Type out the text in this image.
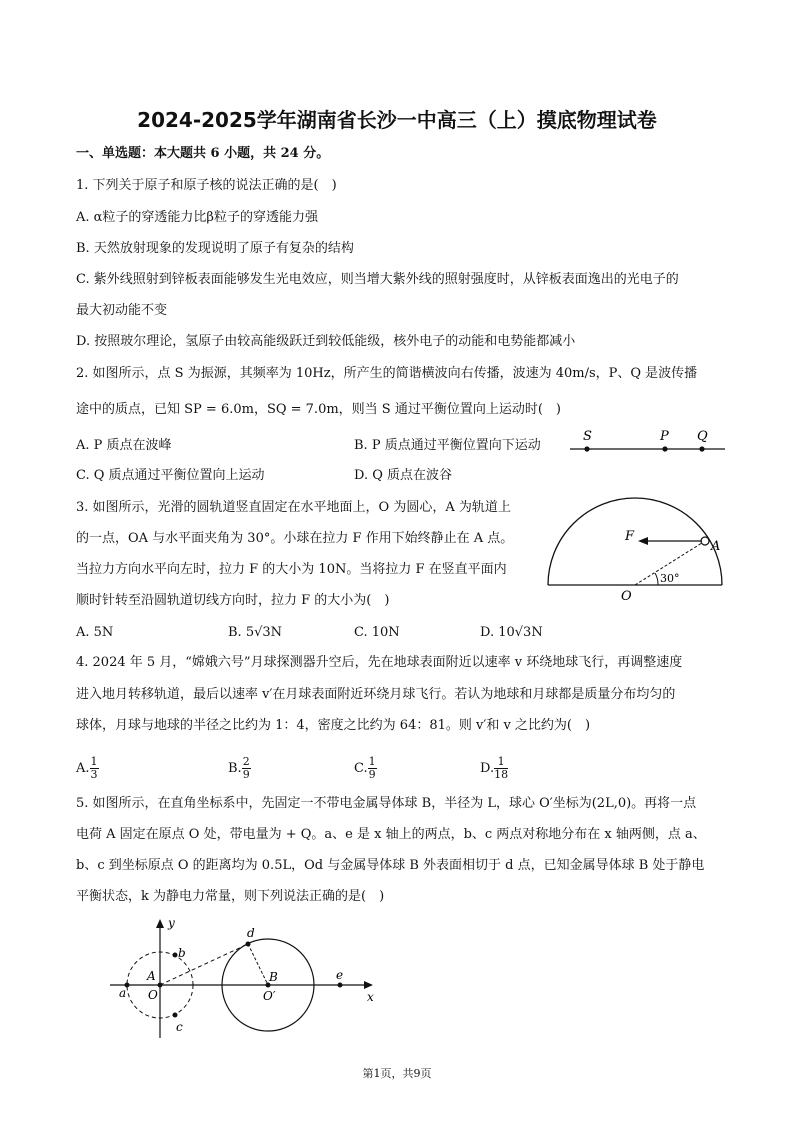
2024-2025学年湖南省长沙一中高三（上）摸底物理试卷
一、单选题：本大题共 6 小题，共 24 分。
1. 下列关于原子和原子核的说法正确的是(　)
A. α粒子的穿透能力比β粒子的穿透能力强
B. 天然放射现象的发现说明了原子有复杂的结构
C. 紫外线照射到锌板表面能够发生光电效应，则当增大紫外线的照射强度时，从锌板表面逸出的光电子的
最大初动能不变
D. 按照玻尔理论，氢原子由较高能级跃迁到较低能级，核外电子的动能和电势能都减小
2. 如图所示，点 S 为振源，其频率为 10Hz，所产生的简谐横波向右传播，波速为 40m/s，P、Q 是波传播
途中的质点，已知 SP = 6.0m，SQ = 7.0m，则当 S 通过平衡位置向上运动时(　)
A. P 质点在波峰	B. P 质点通过平衡位置向下运动
C. Q 质点通过平衡位置向上运动	D. Q 质点在波谷
S	P Q
3. 如图所示，光滑的圆轨道竖直固定在水平地面上，O 为圆心，A 为轨道上
的一点，OA 与水平面夹角为 30°。小球在拉力 F 作用下始终静止在 A 点。
当拉力方向水平向左时，拉力 F 的大小为 10N。当将拉力 F 在竖直平面内
顺时针转至沿圆轨道切线方向时，拉力 F 的大小为(　)
A. 5N	B. 5√3N	C. 10N	D. 10√3N
F
A
O
30°
4. 2024 年 5 月，“嫦娥六号”月球探测器升空后，先在地球表面附近以速率 v 环绕地球飞行，再调整速度
进入地月转移轨道，最后以速率 v′在月球表面附近环绕月球飞行。若认为地球和月球都是质量分布均匀的
球体，月球与地球的半径之比约为 1：4，密度之比约为 64：81。则 v′和 v 之比约为(　)
A. $\frac{1}{3}$	B. $\frac{2}{9}$	C. $\frac{1}{9}$	D. $\frac{1}{18}$
5. 如图所示，在直角坐标系中，先固定一不带电金属导体球 B，半径为 L，球心 O′坐标为(2L,0)。再将一点
电荷 A 固定在原点 O 处，带电量为 + Q。a、e 是 x 轴上的两点，b、c 两点对称地分布在 x 轴两侧，点 a、
b、c 到坐标原点 O 的距离均为 0.5L，Od 与金属导体球 B 外表面相切于 d 点，已知金属导体球 B 处于静电
平衡状态，k 为静电力常量，则下列说法正确的是(　)
y
x
a
b
c
d
e
A
O
B
O′
第1页，共9页
